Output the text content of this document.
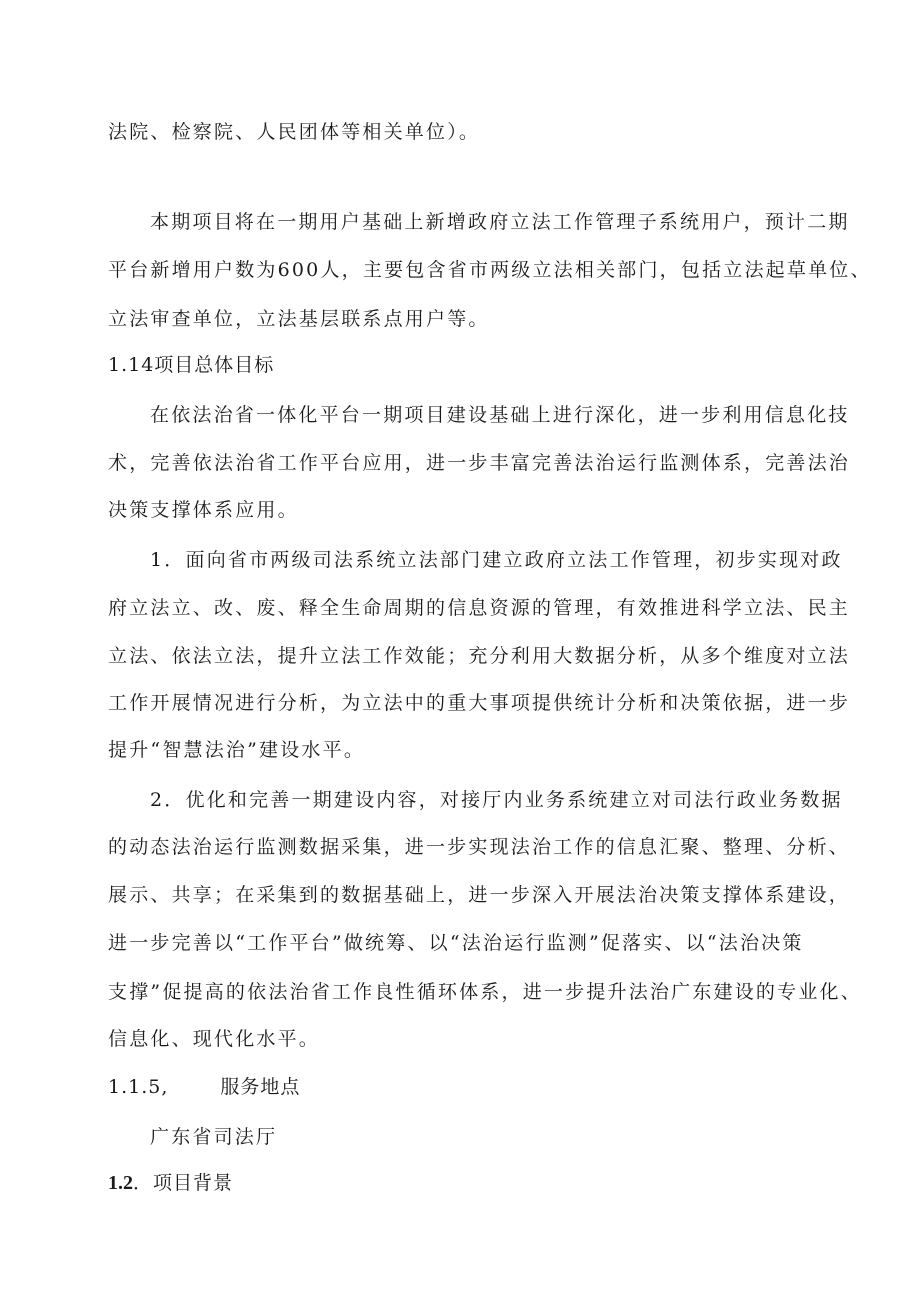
法院、检察院、人民团体等相关单位）。
本期项目将在一期用户基础上新增政府立法工作管理子系统用户，预计二期
平台新增用户数为600人，主要包含省市两级立法相关部门，包括立法起草单位、
立法审查单位，立法基层联系点用户等。
1.14项目总体目标
在依法治省一体化平台一期项目建设基础上进行深化，进一步利用信息化技
术，完善依法治省工作平台应用，进一步丰富完善法治运行监测体系，完善法治
决策支撑体系应用。
1．面向省市两级司法系统立法部门建立政府立法工作管理，初步实现对政
府立法立、改、废、释全生命周期的信息资源的管理，有效推进科学立法、民主
立法、依法立法，提升立法工作效能；充分利用大数据分析，从多个维度对立法
工作开展情况进行分析，为立法中的重大事项提供统计分析和决策依据，进一步
提升“智慧法治”建设水平。
2．优化和完善一期建设内容，对接厅内业务系统建立对司法行政业务数据
的动态法治运行监测数据采集，进一步实现法治工作的信息汇聚、整理、分析、
展示、共享；在采集到的数据基础上，进一步深入开展法治决策支撑体系建设，
进一步完善以“工作平台”做统筹、以“法治运行监测”促落实、以“法治决策
支撑”促提高的依法治省工作良性循环体系，进一步提升法治广东建设的专业化、
信息化、现代化水平。
1.1.5,	服务地点
广东省司法厅
1.2．项目背景
